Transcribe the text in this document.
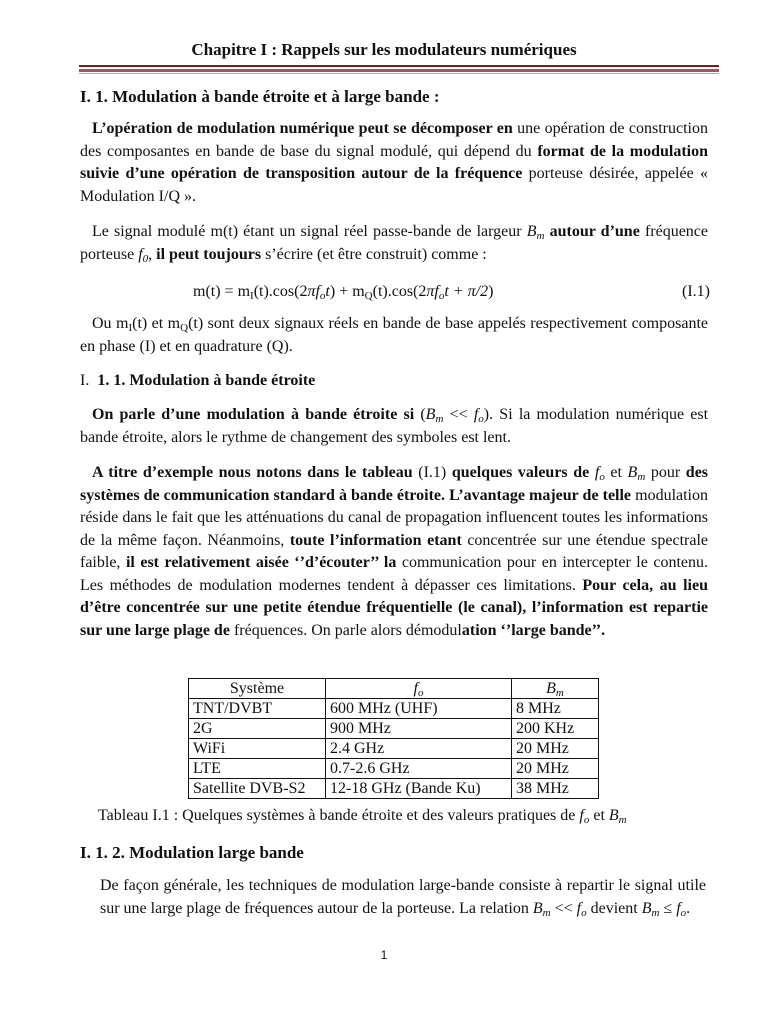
Chapitre I : Rappels sur les modulateurs numériques
I. 1. Modulation à bande étroite et à large bande :
L’opération de modulation numérique peut se décomposer en une opération de construction des composantes en bande de base du signal modulé, qui dépend du format de la modulation suivie d’une opération de transposition autour de la fréquence porteuse désirée, appelée « Modulation I/Q ».
Le signal modulé m(t) étant un signal réel passe-bande de largeur $B_m$ autour d’une fréquence porteuse $f_0$, il peut toujours s’écrire (et être construit) comme :
$m(t) = m_I(t).\cos(2\pi f_ot) + m_Q(t).\cos(2\pi f_ot + \pi/2)$	(I.1)
Ou $m_I(t)$ et $m_Q(t)$ sont deux signaux réels en bande de base appelés respectivement composante en phase (I) et en quadrature (Q).
I. 1. 1. Modulation à bande étroite
On parle d’une modulation à bande étroite si $(B_m << f_o)$. Si la modulation numérique est bande étroite, alors le rythme de changement des symboles est lent.
A titre d’exemple nous notons dans le tableau (I.1) quelques valeurs de $f_o$ et $B_m$ pour des systèmes de communication standard à bande étroite. L’avantage majeur de telle modulation réside dans le fait que les atténuations du canal de propagation influencent toutes les informations de la même façon. Néanmoins, toute l’information etant concentrée sur une étendue spectrale faible, il est relativement aisée ‘’d’écouter’’ la communication pour en intercepter le contenu. Les méthodes de modulation modernes tendent à dépasser ces limitations. Pour cela, au lieu d’être concentrée sur une petite étendue fréquentielle (le canal), l’information est repartie sur une large plage de fréquences. On parle alors démodulation ‘’large bande’’.
Système	$f_o$	$B_m$
TNT/DVBT	600 MHz (UHF)	8 MHz
2G	900 MHz	200 KHz
WiFi	2.4 GHz	20 MHz
LTE	0.7-2.6 GHz	20 MHz
Satellite DVB-S2	12-18 GHz (Bande Ku)	38 MHz
Tableau I.1 : Quelques systèmes à bande étroite et des valeurs pratiques de $f_o$ et $B_m$
I. 1. 2. Modulation large bande
De façon générale, les techniques de modulation large-bande consiste à repartir le signal utile sur une large plage de fréquences autour de la porteuse. La relation $B_m << f_o$ devient $B_m \le f_o$.
1
